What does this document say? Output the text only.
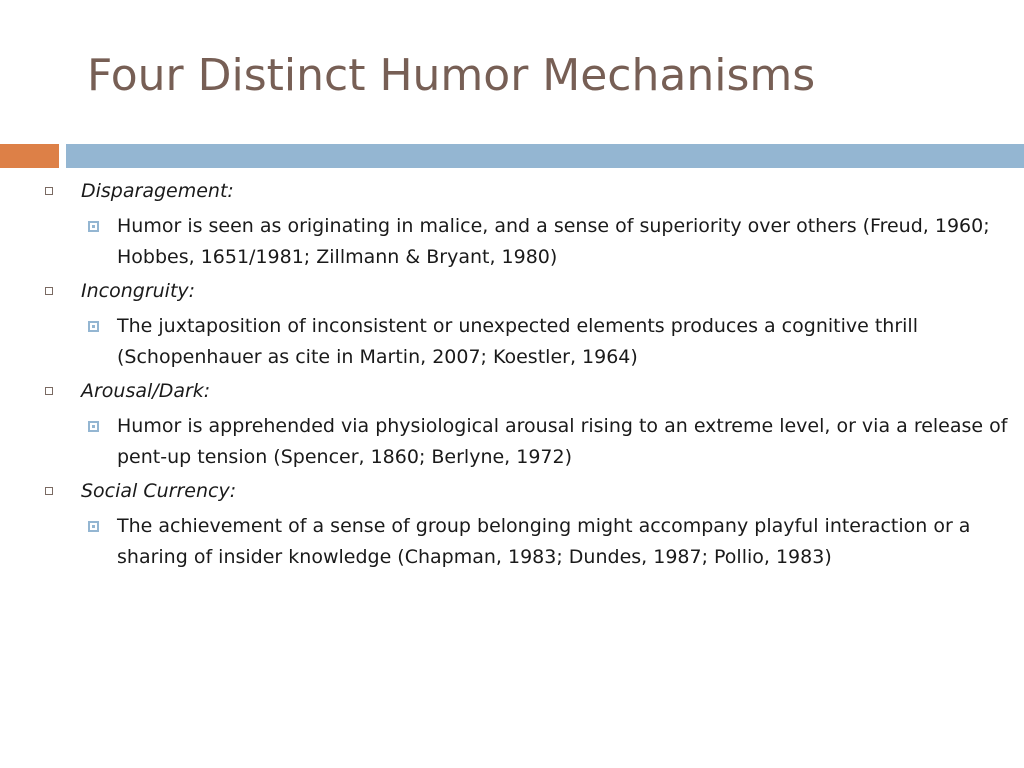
Four Distinct Humor Mechanisms
Disparagement:
Humor is seen as originating in malice, and a sense of superiority over others (Freud, 1960; Hobbes, 1651/1981; Zillmann & Bryant, 1980)
Incongruity:
The juxtaposition of inconsistent or unexpected elements produces a cognitive thrill (Schopenhauer as cite in Martin, 2007; Koestler, 1964)
Arousal/Dark:
Humor is apprehended via physiological arousal rising to an extreme level, or via a release of pent-up tension (Spencer, 1860; Berlyne, 1972)
Social Currency:
The achievement of a sense of group belonging might accompany playful interaction or a sharing of insider knowledge (Chapman, 1983; Dundes, 1987; Pollio, 1983)
